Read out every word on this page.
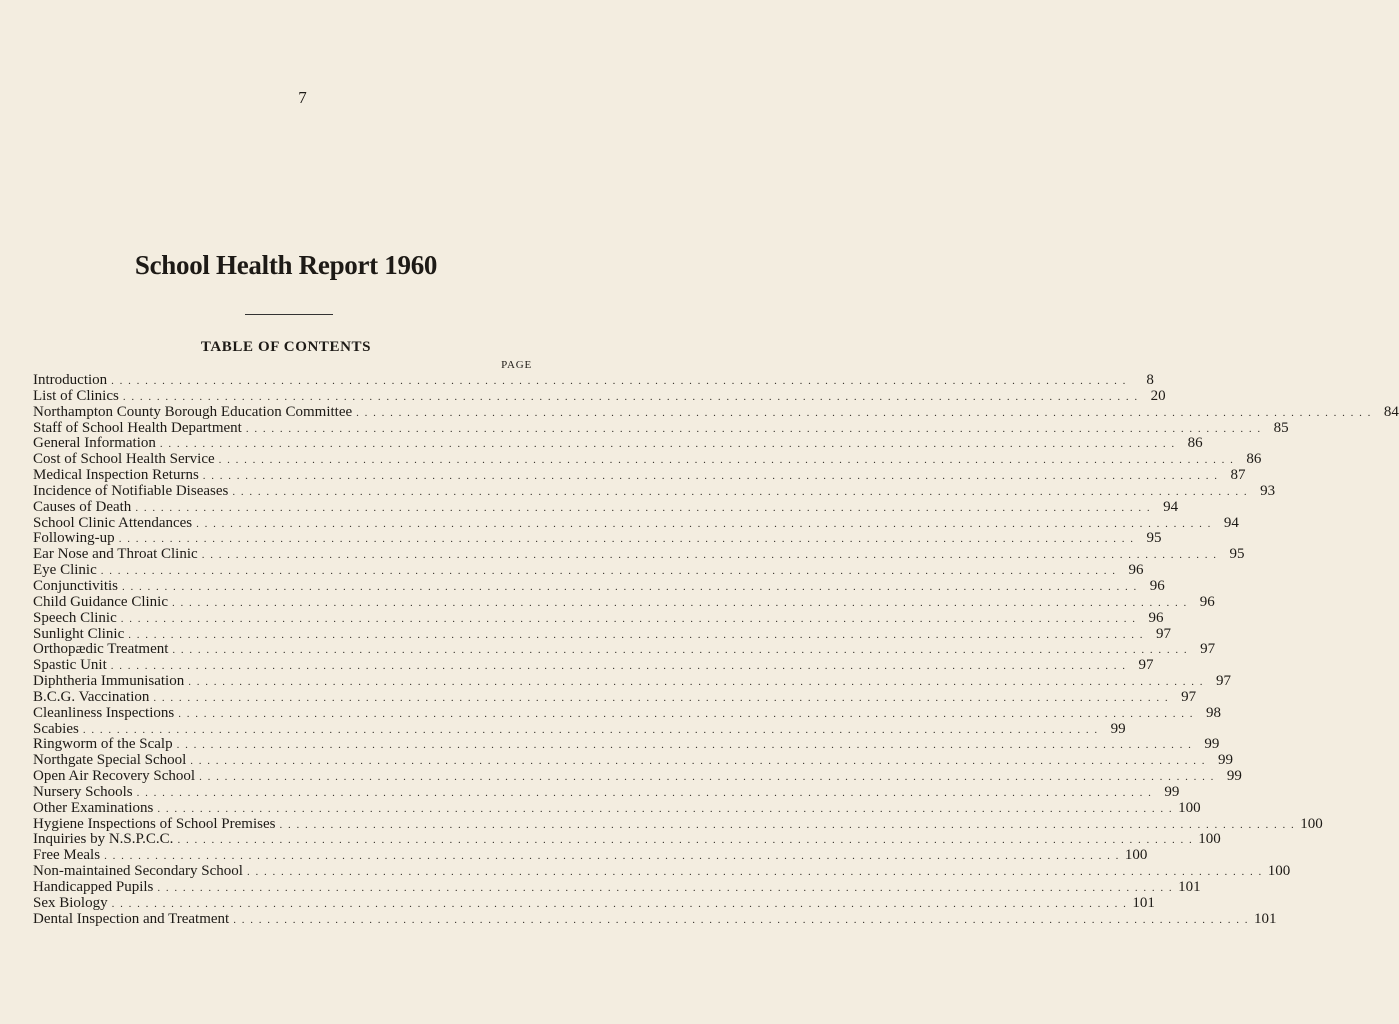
7
School Health Report 1960
TABLE OF CONTENTS
PAGE
Introduction . . . . . . . . . . . . . . . . . . . . . . . . . . . . . . . . . . . . . . . . . . . . . . . . . . . . . . . . . . . . . . . . . . . . . . . . . . . . . . . . . . . . . . . . . . . . . . . . . . . . . . . . . . . . . . . . . . . . . . . .	8
List of Clinics . . . . . . . . . . . . . . . . . . . . . . . . . . . . . . . . . . . . . . . . . . . . . . . . . . . . . . . . . . . . . . . . . . . . . . . . . . . . . . . . . . . . . . . . . . . . . . . . . . . . . . . . . . . . . . . . . . . . . . . . 20
Northampton County Borough Education Committee . . . . . . . . . . . . . . . . . . . . . . . . . . . . . . . . . . . . . . . . . . . . . . . . . . . . . . . . . . . . . . . . . . . . . . . . . . . . . . . . . . . . . . . . . . . . . . . . . . . . . . . . . . . . . . . . . . . . . . . . 84
Staff of School Health Department . . . . . . . . . . . . . . . . . . . . . . . . . . . . . . . . . . . . . . . . . . . . . . . . . . . . . . . . . . . . . . . . . . . . . . . . . . . . . . . . . . . . . . . . . . . . . . . . . . . . . . . . . . . . . . . . . . . . . . . . 85
General Information . . . . . . . . . . . . . . . . . . . . . . . . . . . . . . . . . . . . . . . . . . . . . . . . . . . . . . . . . . . . . . . . . . . . . . . . . . . . . . . . . . . . . . . . . . . . . . . . . . . . . . . . . . . . . . . . . . . . . . . . 86
Cost of School Health Service . . . . . . . . . . . . . . . . . . . . . . . . . . . . . . . . . . . . . . . . . . . . . . . . . . . . . . . . . . . . . . . . . . . . . . . . . . . . . . . . . . . . . . . . . . . . . . . . . . . . . . . . . . . . . . . . . . . . . . . . 86
Medical Inspection Returns . . . . . . . . . . . . . . . . . . . . . . . . . . . . . . . . . . . . . . . . . . . . . . . . . . . . . . . . . . . . . . . . . . . . . . . . . . . . . . . . . . . . . . . . . . . . . . . . . . . . . . . . . . . . . . . . . . . . . . . . 87
Incidence of Notifiable Diseases . . . . . . . . . . . . . . . . . . . . . . . . . . . . . . . . . . . . . . . . . . . . . . . . . . . . . . . . . . . . . . . . . . . . . . . . . . . . . . . . . . . . . . . . . . . . . . . . . . . . . . . . . . . . . . . . . . . . . . . . 93
Causes of Death . . . . . . . . . . . . . . . . . . . . . . . . . . . . . . . . . . . . . . . . . . . . . . . . . . . . . . . . . . . . . . . . . . . . . . . . . . . . . . . . . . . . . . . . . . . . . . . . . . . . . . . . . . . . . . . . . . . . . . . . 94
School Clinic Attendances . . . . . . . . . . . . . . . . . . . . . . . . . . . . . . . . . . . . . . . . . . . . . . . . . . . . . . . . . . . . . . . . . . . . . . . . . . . . . . . . . . . . . . . . . . . . . . . . . . . . . . . . . . . . . . . . . . . . . . . . 94
Following-up . . . . . . . . . . . . . . . . . . . . . . . . . . . . . . . . . . . . . . . . . . . . . . . . . . . . . . . . . . . . . . . . . . . . . . . . . . . . . . . . . . . . . . . . . . . . . . . . . . . . . . . . . . . . . . . . . . . . . . . . 95
Ear Nose and Throat Clinic . . . . . . . . . . . . . . . . . . . . . . . . . . . . . . . . . . . . . . . . . . . . . . . . . . . . . . . . . . . . . . . . . . . . . . . . . . . . . . . . . . . . . . . . . . . . . . . . . . . . . . . . . . . . . . . . . . . . . . . . 95
Eye Clinic . . . . . . . . . . . . . . . . . . . . . . . . . . . . . . . . . . . . . . . . . . . . . . . . . . . . . . . . . . . . . . . . . . . . . . . . . . . . . . . . . . . . . . . . . . . . . . . . . . . . . . . . . . . . . . . . . . . . . . . . 96
Conjunctivitis . . . . . . . . . . . . . . . . . . . . . . . . . . . . . . . . . . . . . . . . . . . . . . . . . . . . . . . . . . . . . . . . . . . . . . . . . . . . . . . . . . . . . . . . . . . . . . . . . . . . . . . . . . . . . . . . . . . . . . . . 96
Child Guidance Clinic . . . . . . . . . . . . . . . . . . . . . . . . . . . . . . . . . . . . . . . . . . . . . . . . . . . . . . . . . . . . . . . . . . . . . . . . . . . . . . . . . . . . . . . . . . . . . . . . . . . . . . . . . . . . . . . . . . . . . . . . 96
Speech Clinic . . . . . . . . . . . . . . . . . . . . . . . . . . . . . . . . . . . . . . . . . . . . . . . . . . . . . . . . . . . . . . . . . . . . . . . . . . . . . . . . . . . . . . . . . . . . . . . . . . . . . . . . . . . . . . . . . . . . . . . . 96
Sunlight Clinic . . . . . . . . . . . . . . . . . . . . . . . . . . . . . . . . . . . . . . . . . . . . . . . . . . . . . . . . . . . . . . . . . . . . . . . . . . . . . . . . . . . . . . . . . . . . . . . . . . . . . . . . . . . . . . . . . . . . . . . . 97
Orthopædic Treatment . . . . . . . . . . . . . . . . . . . . . . . . . . . . . . . . . . . . . . . . . . . . . . . . . . . . . . . . . . . . . . . . . . . . . . . . . . . . . . . . . . . . . . . . . . . . . . . . . . . . . . . . . . . . . . . . . . . . . . . . 97
Spastic Unit . . . . . . . . . . . . . . . . . . . . . . . . . . . . . . . . . . . . . . . . . . . . . . . . . . . . . . . . . . . . . . . . . . . . . . . . . . . . . . . . . . . . . . . . . . . . . . . . . . . . . . . . . . . . . . . . . . . . . . . . 97
Diphtheria Immunisation . . . . . . . . . . . . . . . . . . . . . . . . . . . . . . . . . . . . . . . . . . . . . . . . . . . . . . . . . . . . . . . . . . . . . . . . . . . . . . . . . . . . . . . . . . . . . . . . . . . . . . . . . . . . . . . . . . . . . . . . 97
B.C.G. Vaccination . . . . . . . . . . . . . . . . . . . . . . . . . . . . . . . . . . . . . . . . . . . . . . . . . . . . . . . . . . . . . . . . . . . . . . . . . . . . . . . . . . . . . . . . . . . . . . . . . . . . . . . . . . . . . . . . . . . . . . . . 97
Cleanliness Inspections . . . . . . . . . . . . . . . . . . . . . . . . . . . . . . . . . . . . . . . . . . . . . . . . . . . . . . . . . . . . . . . . . . . . . . . . . . . . . . . . . . . . . . . . . . . . . . . . . . . . . . . . . . . . . . . . . . . . . . . . 98
Scabies . . . . . . . . . . . . . . . . . . . . . . . . . . . . . . . . . . . . . . . . . . . . . . . . . . . . . . . . . . . . . . . . . . . . . . . . . . . . . . . . . . . . . . . . . . . . . . . . . . . . . . . . . . . . . . . . . . . . . . . . 99
Ringworm of the Scalp . . . . . . . . . . . . . . . . . . . . . . . . . . . . . . . . . . . . . . . . . . . . . . . . . . . . . . . . . . . . . . . . . . . . . . . . . . . . . . . . . . . . . . . . . . . . . . . . . . . . . . . . . . . . . . . . . . . . . . . . 99
Northgate Special School . . . . . . . . . . . . . . . . . . . . . . . . . . . . . . . . . . . . . . . . . . . . . . . . . . . . . . . . . . . . . . . . . . . . . . . . . . . . . . . . . . . . . . . . . . . . . . . . . . . . . . . . . . . . . . . . . . . . . . . . 99
Open Air Recovery School . . . . . . . . . . . . . . . . . . . . . . . . . . . . . . . . . . . . . . . . . . . . . . . . . . . . . . . . . . . . . . . . . . . . . . . . . . . . . . . . . . . . . . . . . . . . . . . . . . . . . . . . . . . . . . . . . . . . . . . . 99
Nursery Schools . . . . . . . . . . . . . . . . . . . . . . . . . . . . . . . . . . . . . . . . . . . . . . . . . . . . . . . . . . . . . . . . . . . . . . . . . . . . . . . . . . . . . . . . . . . . . . . . . . . . . . . . . . . . . . . . . . . . . . . . 99
Other Examinations . . . . . . . . . . . . . . . . . . . . . . . . . . . . . . . . . . . . . . . . . . . . . . . . . . . . . . . . . . . . . . . . . . . . . . . . . . . . . . . . . . . . . . . . . . . . . . . . . . . . . . . . . . . . . . . . . . . . . . . . 100
Hygiene Inspections of School Premises . . . . . . . . . . . . . . . . . . . . . . . . . . . . . . . . . . . . . . . . . . . . . . . . . . . . . . . . . . . . . . . . . . . . . . . . . . . . . . . . . . . . . . . . . . . . . . . . . . . . . . . . . . . . . . . . . . . . . . . . 100
Inquiries by N.S.P.C.C. . . . . . . . . . . . . . . . . . . . . . . . . . . . . . . . . . . . . . . . . . . . . . . . . . . . . . . . . . . . . . . . . . . . . . . . . . . . . . . . . . . . . . . . . . . . . . . . . . . . . . . . . . . . . . . . . . . . . . . . . 100
Free Meals . . . . . . . . . . . . . . . . . . . . . . . . . . . . . . . . . . . . . . . . . . . . . . . . . . . . . . . . . . . . . . . . . . . . . . . . . . . . . . . . . . . . . . . . . . . . . . . . . . . . . . . . . . . . . . . . . . . . . . . . 100
Non-maintained Secondary School . . . . . . . . . . . . . . . . . . . . . . . . . . . . . . . . . . . . . . . . . . . . . . . . . . . . . . . . . . . . . . . . . . . . . . . . . . . . . . . . . . . . . . . . . . . . . . . . . . . . . . . . . . . . . . . . . . . . . . . . 100
Handicapped Pupils . . . . . . . . . . . . . . . . . . . . . . . . . . . . . . . . . . . . . . . . . . . . . . . . . . . . . . . . . . . . . . . . . . . . . . . . . . . . . . . . . . . . . . . . . . . . . . . . . . . . . . . . . . . . . . . . . . . . . . . . 101
Sex Biology . . . . . . . . . . . . . . . . . . . . . . . . . . . . . . . . . . . . . . . . . . . . . . . . . . . . . . . . . . . . . . . . . . . . . . . . . . . . . . . . . . . . . . . . . . . . . . . . . . . . . . . . . . . . . . . . . . . . . . . . 101
Dental Inspection and Treatment . . . . . . . . . . . . . . . . . . . . . . . . . . . . . . . . . . . . . . . . . . . . . . . . . . . . . . . . . . . . . . . . . . . . . . . . . . . . . . . . . . . . . . . . . . . . . . . . . . . . . . . . . . . . . . . . . . . . . . . . 101
